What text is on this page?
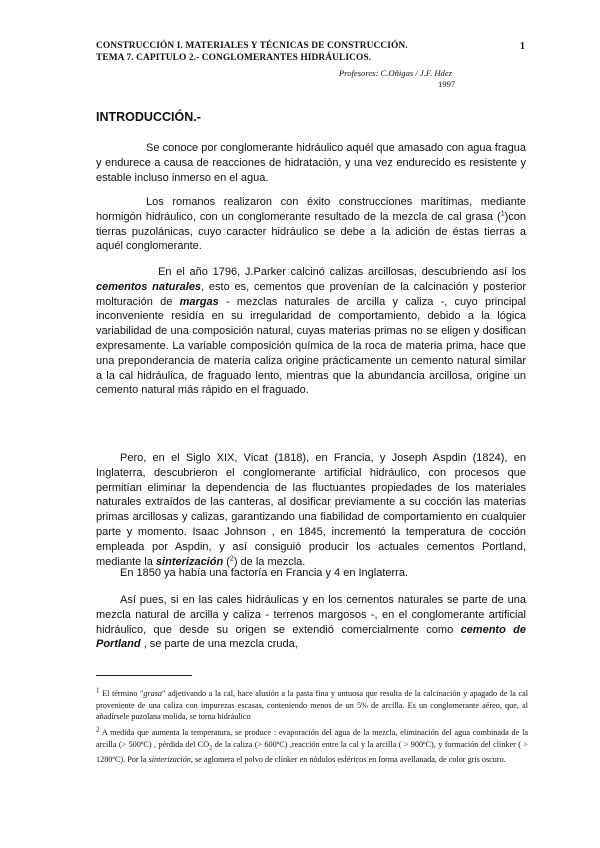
CONSTRUCCIÓN I. MATERIALES Y TÉCNICAS DE CONSTRUCCIÓN.	1
TEMA 7. CAPITULO 2.- CONGLOMERANTES HIDRÁULICOS.
Profesores: C.Oñigas / J.F. Hdez
1997
INTRODUCCIÓN.-

Se conoce por conglomerante hidráulico aquél que amasado con agua fragua y endurece a causa de reacciones de hidratación, y una vez endurecido es resistente y estable incluso inmerso en el agua.

Los romanos realizaron con éxito construcciones marítimas, mediante hormigón hidráulico, con un conglomerante resultado de la mezcla de cal grasa ($^1$)con tierras puzolánicas, cuyo caracter hidráulico se debe a la adición de éstas tierras a aquél conglomerante.

En el año 1796, J.Parker calcinó calizas arcillosas, descubriendo así los cementos naturales, esto es, cementos que provenían de la calcinación y posterior molturación de margas - mezclas naturales de arcilla y caliza -, cuyo principal inconveniente residía en su irregularidad de comportamiento, debido a la lógica variabilidad de una composición natural, cuyas materias primas no se eligen y dosifican expresamente. La variable composición química de la roca de materia prima, hace que una preponderancia de materia caliza origine prácticamente un cemento natural similar a la cal hidráulica, de fraguado lento, mientras que la abundancia arcillosa, origine un cemento natural más rápido en el fraguado.

Pero, en el Siglo XIX, Vicat (1818), en Francia, y Joseph Aspdin (1824), en Inglaterra, descubrieron el conglomerante artificial hidráulico, con procesos que permitían eliminar la dependencia de las fluctuantes propiedades de los materiales naturales extraídos de las canteras, al dosificar previamente a su cocción las materias primas arcillosas y calizas, garantizando una fiabilidad de comportamiento en cualquier parte y momento. Isaac Johnson , en 1845, incrementó la temperatura de cocción empleada por Aspdin, y así consiguió producir los actuales cementos Portland, mediante la sinterización ($^2$) de la mezcla.

En 1850 ya había una factoría en Francia y 4 en Inglaterra.

Así pues, si en las cales hidráulicas y en los cementos naturales se parte de una mezcla natural de arcilla y caliza - terrenos margosos -, en el conglomerante artificial hidráulico, que desde su origen se extendió comercialmente como cemento de Portland , se parte de una mezcla cruda,

$^1$ El término "grasa" adjetivando a la cal, hace alusión a la pasta fina y untuosa que resulta de la calcinación y apagado de la cal proveniente de una caliza con impurezas escasas, conteniendo menos de un 5% de arcilla. Es un conglomerante aéreo, que, al añadírsele puzolana molida, se torna hidráulico

$^2$ A medida que aumenta la temperatura, se produce : evaporación del agua de la mezcla, eliminación del agua combinada de la arcilla (> 500ºC) , pérdida del $CO_2$ de la caliza (> 600ºC) ,reacción entre la cal y la arcilla ( > 900ºC), y formación del clinker ( > 1280ºC). Por la sinterización, se aglomera el polvo de clínker en nódulos esféricos en forma avellanada, de color gris oscuro.
